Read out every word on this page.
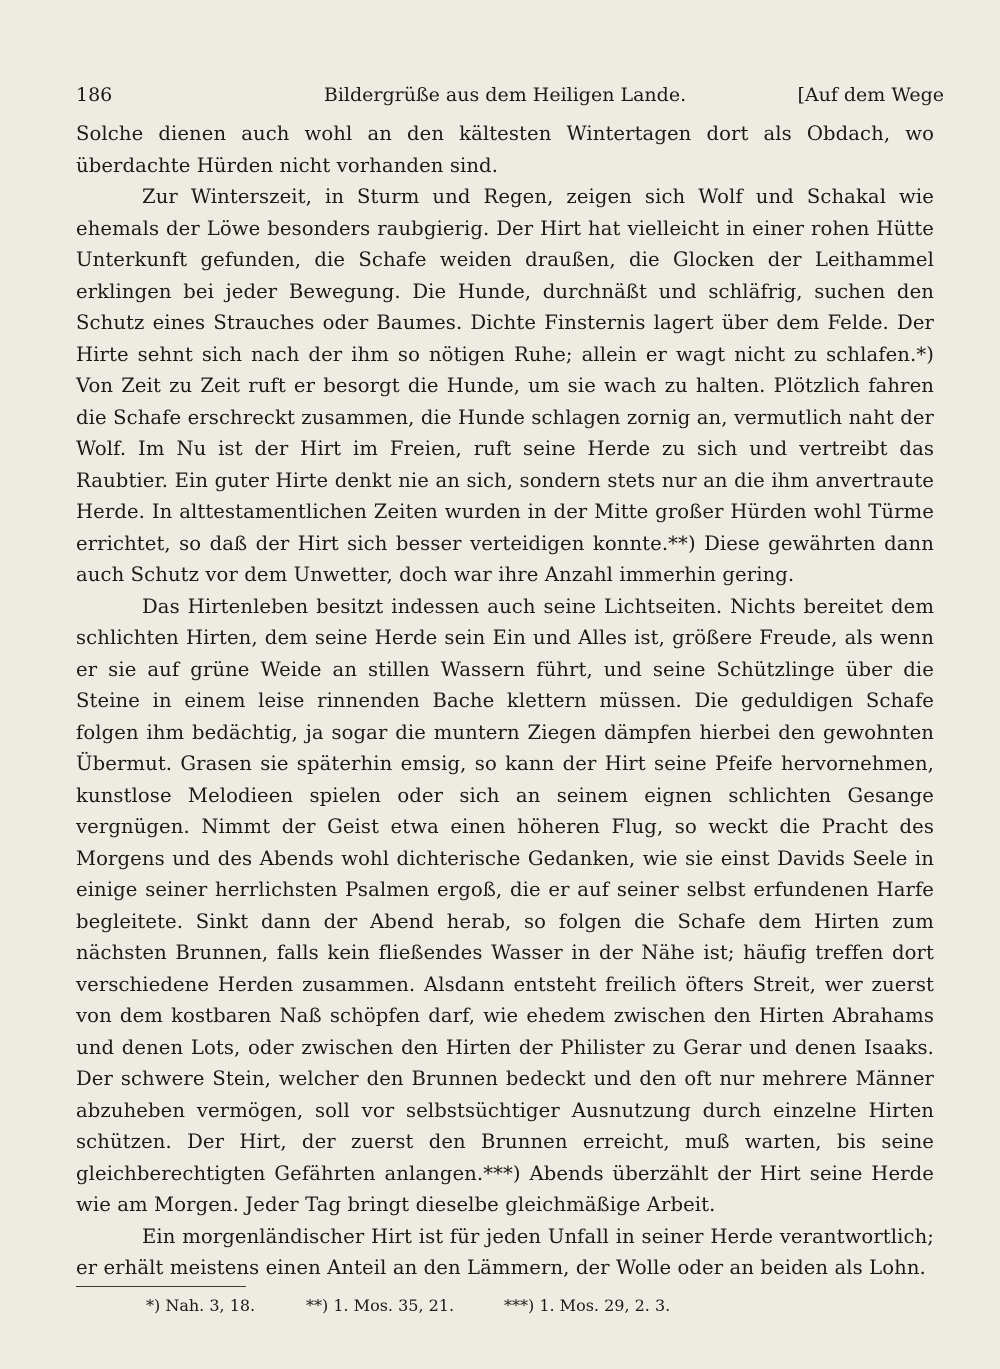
186	Bildergrüße aus dem Heiligen Lande.	[Auf dem Wege

Solche dienen auch wohl an den kältesten Wintertagen dort als Obdach, wo überdachte Hürden nicht vorhanden sind.

Zur Winterszeit, in Sturm und Regen, zeigen sich Wolf und Schakal wie ehemals der Löwe besonders raubgierig. Der Hirt hat vielleicht in einer rohen Hütte Unterkunft gefunden, die Schafe weiden draußen, die Glocken der Leithammel erklingen bei jeder Bewegung. Die Hunde, durchnäßt und schläfrig, suchen den Schutz eines Strauches oder Baumes. Dichte Finsternis lagert über dem Felde. Der Hirte sehnt sich nach der ihm so nötigen Ruhe; allein er wagt nicht zu schlafen.*) Von Zeit zu Zeit ruft er besorgt die Hunde, um sie wach zu halten. Plötzlich fahren die Schafe erschreckt zusammen, die Hunde schlagen zornig an, vermutlich naht der Wolf. Im Nu ist der Hirt im Freien, ruft seine Herde zu sich und vertreibt das Raubtier. Ein guter Hirte denkt nie an sich, sondern stets nur an die ihm anvertraute Herde. In alttestamentlichen Zeiten wurden in der Mitte großer Hürden wohl Türme errichtet, so daß der Hirt sich besser verteidigen konnte.**) Diese gewährten dann auch Schutz vor dem Unwetter, doch war ihre Anzahl immerhin gering.

Das Hirtenleben besitzt indessen auch seine Lichtseiten. Nichts bereitet dem schlichten Hirten, dem seine Herde sein Ein und Alles ist, größere Freude, als wenn er sie auf grüne Weide an stillen Wassern führt, und seine Schützlinge über die Steine in einem leise rinnenden Bache klettern müssen. Die geduldigen Schafe folgen ihm bedächtig, ja sogar die muntern Ziegen dämpfen hierbei den gewohnten Übermut. Grasen sie späterhin emsig, so kann der Hirt seine Pfeife hervornehmen, kunstlose Melodieen spielen oder sich an seinem eignen schlichten Gesange vergnügen. Nimmt der Geist etwa einen höheren Flug, so weckt die Pracht des Morgens und des Abends wohl dichterische Gedanken, wie sie einst Davids Seele in einige seiner herrlichsten Psalmen ergoß, die er auf seiner selbst erfundenen Harfe begleitete. Sinkt dann der Abend herab, so folgen die Schafe dem Hirten zum nächsten Brunnen, falls kein fließendes Wasser in der Nähe ist; häufig treffen dort verschiedene Herden zusammen. Alsdann entsteht freilich öfters Streit, wer zuerst von dem kostbaren Naß schöpfen darf, wie ehedem zwischen den Hirten Abrahams und denen Lots, oder zwischen den Hirten der Philister zu Gerar und denen Isaaks. Der schwere Stein, welcher den Brunnen bedeckt und den oft nur mehrere Männer abzuheben vermögen, soll vor selbstsüchtiger Ausnutzung durch einzelne Hirten schützen. Der Hirt, der zuerst den Brunnen erreicht, muß warten, bis seine gleichberechtigten Gefährten anlangen.***) Abends überzählt der Hirt seine Herde wie am Morgen. Jeder Tag bringt dieselbe gleichmäßige Arbeit.

Ein morgenländischer Hirt ist für jeden Unfall in seiner Herde verantwortlich; er erhält meistens einen Anteil an den Lämmern, der Wolle oder an beiden als Lohn.

*) Nah. 3, 18.	**) 1. Mos. 35, 21.	***) 1. Mos. 29, 2. 3.
